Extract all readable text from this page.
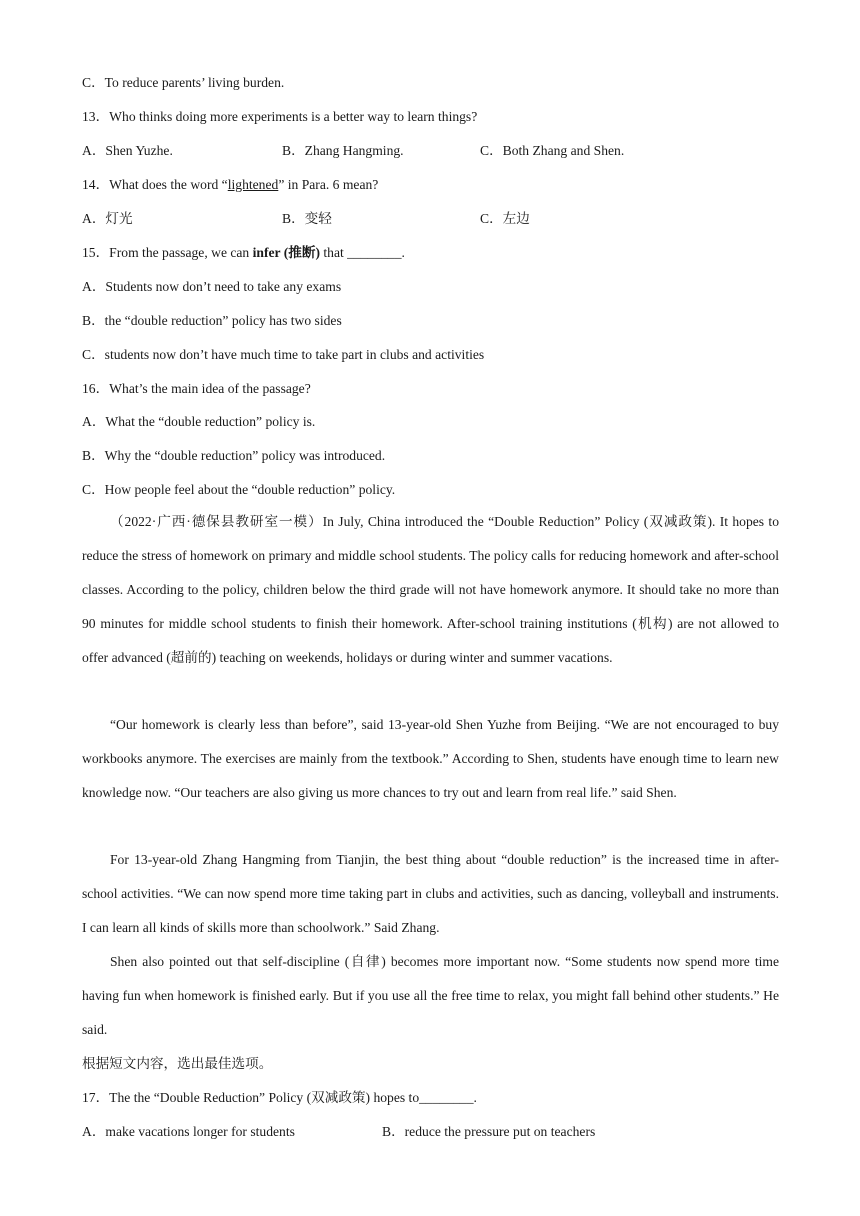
C．To reduce parents’ living burden.
13．Who thinks doing more experiments is a better way to learn things?
A．Shen Yuzhe.	B．Zhang Hangming.	C．Both Zhang and Shen.
14．What does the word “lightened” in Para. 6 mean?
A．灯光	B．变轻	C．左边
15．From the passage, we can infer (推断) that ________.
A．Students now don’t need to take any exams
B．the “double reduction” policy has two sides
C．students now don’t have much time to take part in clubs and activities
16．What’s the main idea of the passage?
A．What the “double reduction” policy is.
B．Why the “double reduction” policy was introduced.
C．How people feel about the “double reduction” policy.
（2022·广西·德保县教研室一模）In July, China introduced the “Double Reduction” Policy (双减政策). It hopes to reduce the stress of homework on primary and middle school students. The policy calls for reducing homework and after-school classes. According to the policy, children below the third grade will not have homework anymore. It should take no more than 90 minutes for middle school students to finish their homework. After-school training institutions (机构) are not allowed to offer advanced (超前的) teaching on weekends, holidays or during winter and summer vacations.
“Our homework is clearly less than before”, said 13-year-old Shen Yuzhe from Beijing. “We are not encouraged to buy workbooks anymore. The exercises are mainly from the textbook.” According to Shen, students have enough time to learn new knowledge now. “Our teachers are also giving us more chances to try out and learn from real life.” said Shen.
For 13-year-old Zhang Hangming from Tianjin, the best thing about “double reduction” is the increased time in after-school activities. “We can now spend more time taking part in clubs and activities, such as dancing, volleyball and instruments. I can learn all kinds of skills more than schoolwork.” Said Zhang.
Shen also pointed out that self-discipline (自律) becomes more important now. “Some students now spend more time having fun when homework is finished early. But if you use all the free time to relax, you might fall behind other students.” He said.
根据短文内容，选出最佳选项。
17．The the “Double Reduction” Policy (双减政策) hopes to________.
A．make vacations longer for students	B．reduce the pressure put on teachers
